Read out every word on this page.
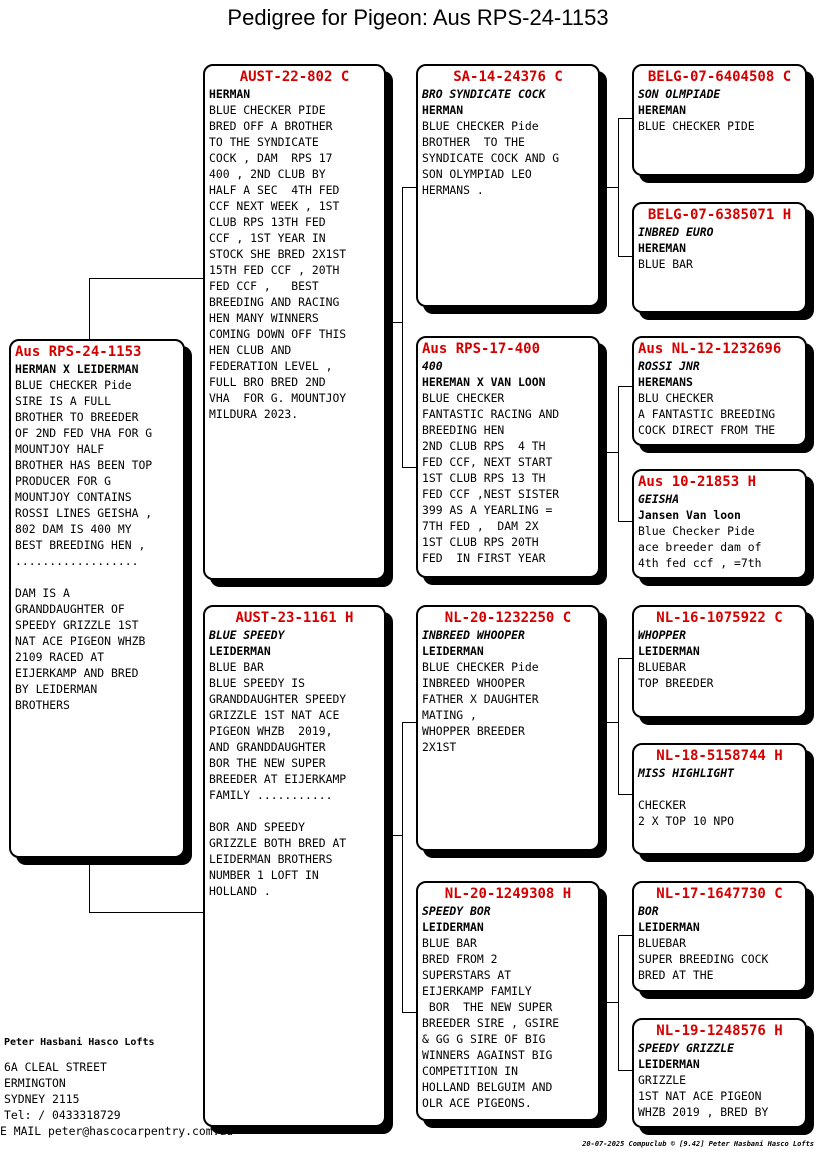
Pedigree for Pigeon: Aus RPS-24-1153
Aus RPS-24-1153
HERMAN X LEIDERMAN
BLUE CHECKER Pide
SIRE IS A FULL
BROTHER TO BREEDER
OF 2ND FED VHA FOR G
MOUNTJOY HALF
BROTHER HAS BEEN TOP
PRODUCER FOR G
MOUNTJOY CONTAINS
ROSSI LINES GEISHA ,
802 DAM IS 400 MY
BEST BREEDING HEN ,
..................

DAM IS A
GRANDDAUGHTER OF
SPEEDY GRIZZLE 1ST
NAT ACE PIGEON WHZB
2109 RACED AT
EIJERKAMP AND BRED
BY LEIDERMAN
BROTHERS
AUST-22-802 C
HERMAN
BLUE CHECKER PIDE
BRED OFF A BROTHER
TO THE SYNDICATE
COCK , DAM  RPS 17
400 , 2ND CLUB BY
HALF A SEC  4TH FED
CCF NEXT WEEK , 1ST
CLUB RPS 13TH FED
CCF , 1ST YEAR IN
STOCK SHE BRED 2X1ST
15TH FED CCF , 20TH
FED CCF ,   BEST
BREEDING AND RACING
HEN MANY WINNERS
COMING DOWN OFF THIS
HEN CLUB AND
FEDERATION LEVEL ,
FULL BRO BRED 2ND
VHA  FOR G. MOUNTJOY
MILDURA 2023.
AUST-23-1161 H
BLUE SPEEDY
LEIDERMAN
BLUE BAR
BLUE SPEEDY IS
GRANDDAUGHTER SPEEDY
GRIZZLE 1ST NAT ACE
PIGEON WHZB  2019,
AND GRANDDAUGHTER
BOR THE NEW SUPER
BREEDER AT EIJERKAMP
FAMILY ...........

BOR AND SPEEDY
GRIZZLE BOTH BRED AT
LEIDERMAN BROTHERS
NUMBER 1 LOFT IN
HOLLAND .
SA-14-24376 C
BRO SYNDICATE COCK
HERMAN
BLUE CHECKER Pide
BROTHER  TO THE
SYNDICATE COCK AND G
SON OLYMPIAD LEO
HERMANS .
Aus RPS-17-400
400
HEREMAN X VAN LOON
BLUE CHECKER
FANTASTIC RACING AND
BREEDING HEN
2ND CLUB RPS  4 TH
FED CCF, NEXT START
1ST CLUB RPS 13 TH
FED CCF ,NEST SISTER
399 AS A YEARLING =
7TH FED ,  DAM 2X
1ST CLUB RPS 20TH
FED  IN FIRST YEAR
NL-20-1232250 C
INBREED WHOOPER
LEIDERMAN
BLUE CHECKER Pide
INBREED WHOOPER
FATHER X DAUGHTER
MATING ,
WHOPPER BREEDER
2X1ST
NL-20-1249308 H
SPEEDY BOR
LEIDERMAN
BLUE BAR
BRED FROM 2
SUPERSTARS AT
EIJERKAMP FAMILY
BOR  THE NEW SUPER
BREEDER SIRE , GSIRE
& GG G SIRE OF BIG
WINNERS AGAINST BIG
COMPETITION IN
HOLLAND BELGUIM AND
OLR ACE PIGEONS.
BELG-07-6404508 C
SON OLMPIADE
HEREMAN
BLUE CHECKER PIDE
BELG-07-6385071 H
INBRED EURO
HEREMAN
BLUE BAR
Aus NL-12-1232696
ROSSI JNR
HEREMANS
BLU CHECKER
A FANTASTIC BREEDING
COCK DIRECT FROM THE
Aus 10-21853 H
GEISHA
Jansen Van loon
Blue Checker Pide
ace breeder dam of
4th fed ccf , =7th
NL-16-1075922 C
WHOPPER
LEIDERMAN
BLUEBAR
TOP BREEDER
NL-18-5158744 H
MISS HIGHLIGHT
CHECKER
2 X TOP 10 NPO
NL-17-1647730 C
BOR
LEIDERMAN
BLUEBAR
SUPER BREEDING COCK
BRED AT THE
NL-19-1248576 H
SPEEDY GRIZZLE
LEIDERMAN
GRIZZLE
1ST NAT ACE PIGEON
WHZB 2019 , BRED BY
Peter Hasbani Hasco Lofts
6A CLEAL STREET
ERMINGTON
SYDNEY 2115
Tel: / 0433318729
E MAIL peter@hascocarpentry.com.au
20-07-2025 Compuclub © [9.42] Peter Hasbani Hasco Lofts
